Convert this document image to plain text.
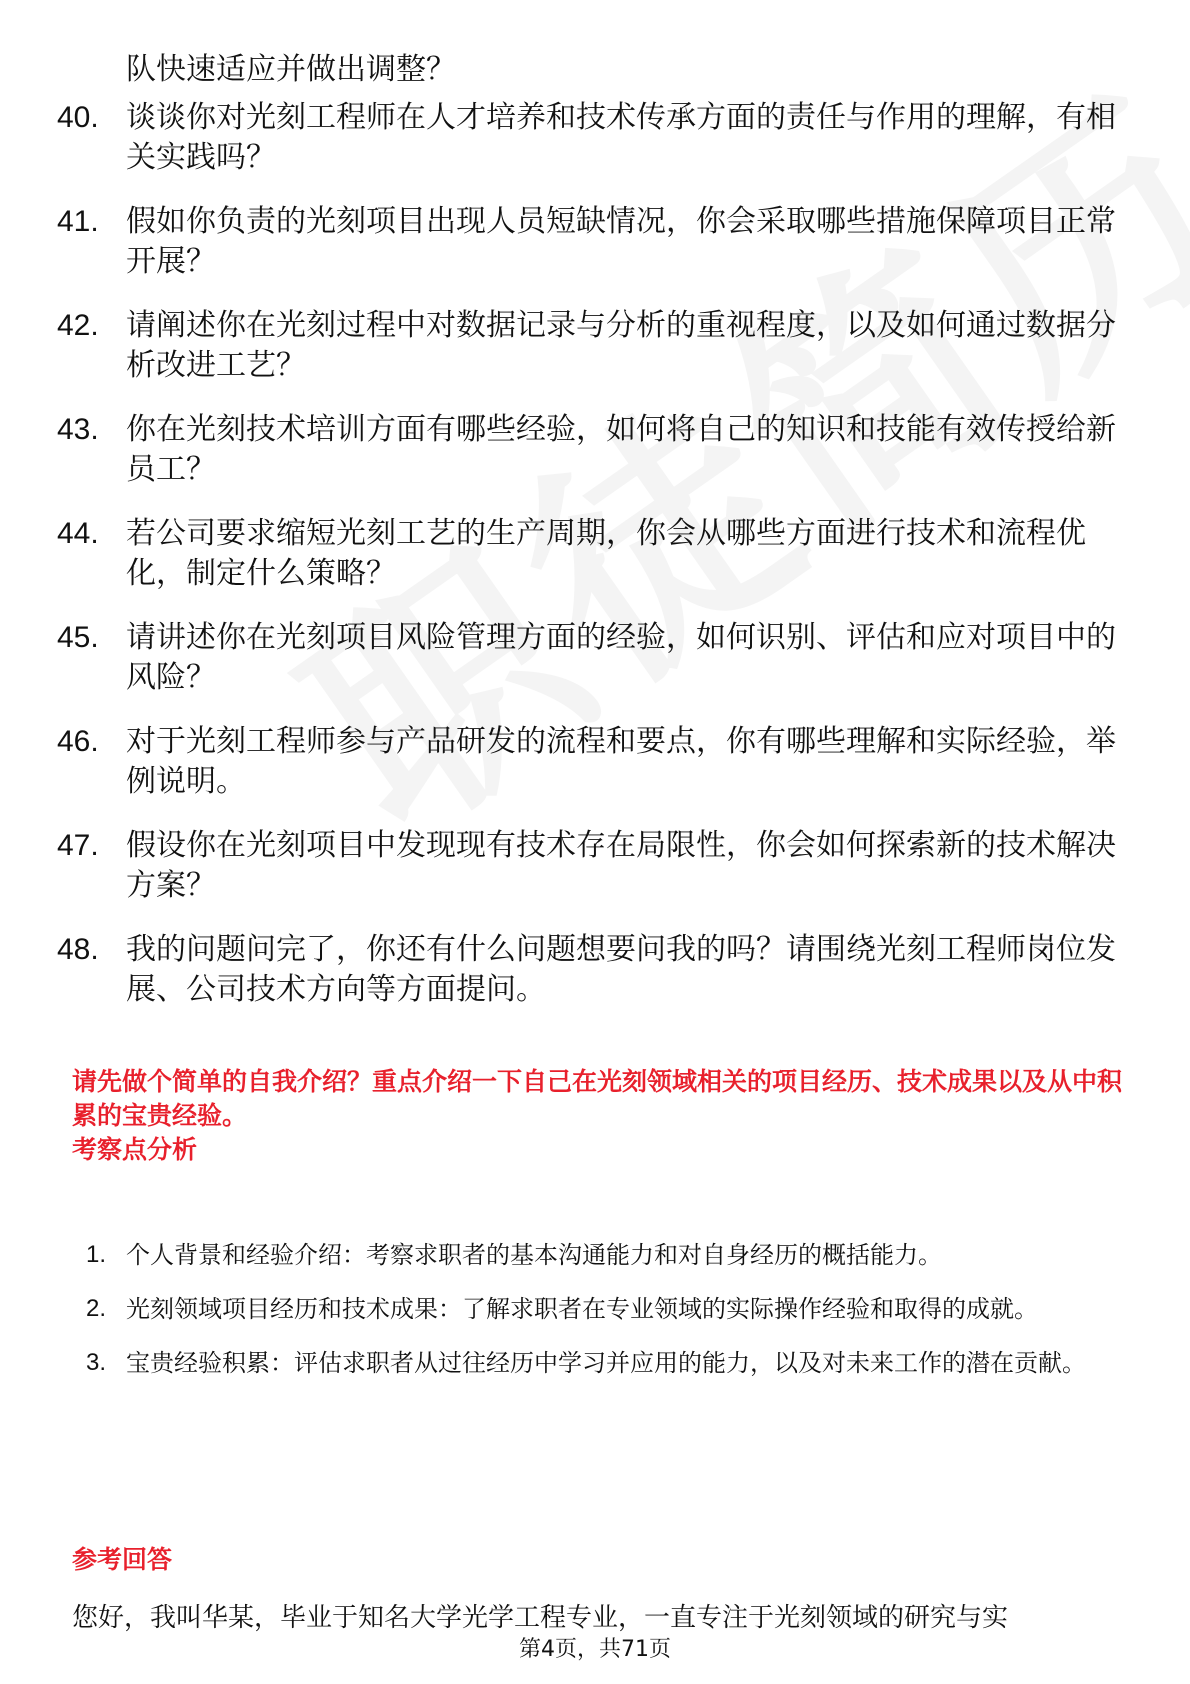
队快速适应并做出调整？
40. 谈谈你对光刻工程师在人才培养和技术传承方面的责任与作用的理解，有相关实践吗？
41. 假如你负责的光刻项目出现人员短缺情况，你会采取哪些措施保障项目正常开展？
42. 请阐述你在光刻过程中对数据记录与分析的重视程度，以及如何通过数据分析改进工艺？
43. 你在光刻技术培训方面有哪些经验，如何将自己的知识和技能有效传授给新员工？
44. 若公司要求缩短光刻工艺的生产周期，你会从哪些方面进行技术和流程优化，制定什么策略？
45. 请讲述你在光刻项目风险管理方面的经验，如何识别、评估和应对项目中的风险？
46. 对于光刻工程师参与产品研发的流程和要点，你有哪些理解和实际经验，举例说明。
47. 假设你在光刻项目中发现现有技术存在局限性，你会如何探索新的技术解决方案？
48. 我的问题问完了，你还有什么问题想要问我的吗？请围绕光刻工程师岗位发展、公司技术方向等方面提问。
请先做个简单的自我介绍？重点介绍一下自己在光刻领域相关的项目经历、技术成果以及从中积累的宝贵经验。
考察点分析
1. 个人背景和经验介绍：考察求职者的基本沟通能力和对自身经历的概括能力。
2. 光刻领域项目经历和技术成果：了解求职者在专业领域的实际操作经验和取得的成就。
3. 宝贵经验积累：评估求职者从过往经历中学习并应用的能力，以及对未来工作的潜在贡献。
参考回答
您好，我叫华某，毕业于知名大学光学工程专业，一直专注于光刻领域的研究与实
第4页，共71页
